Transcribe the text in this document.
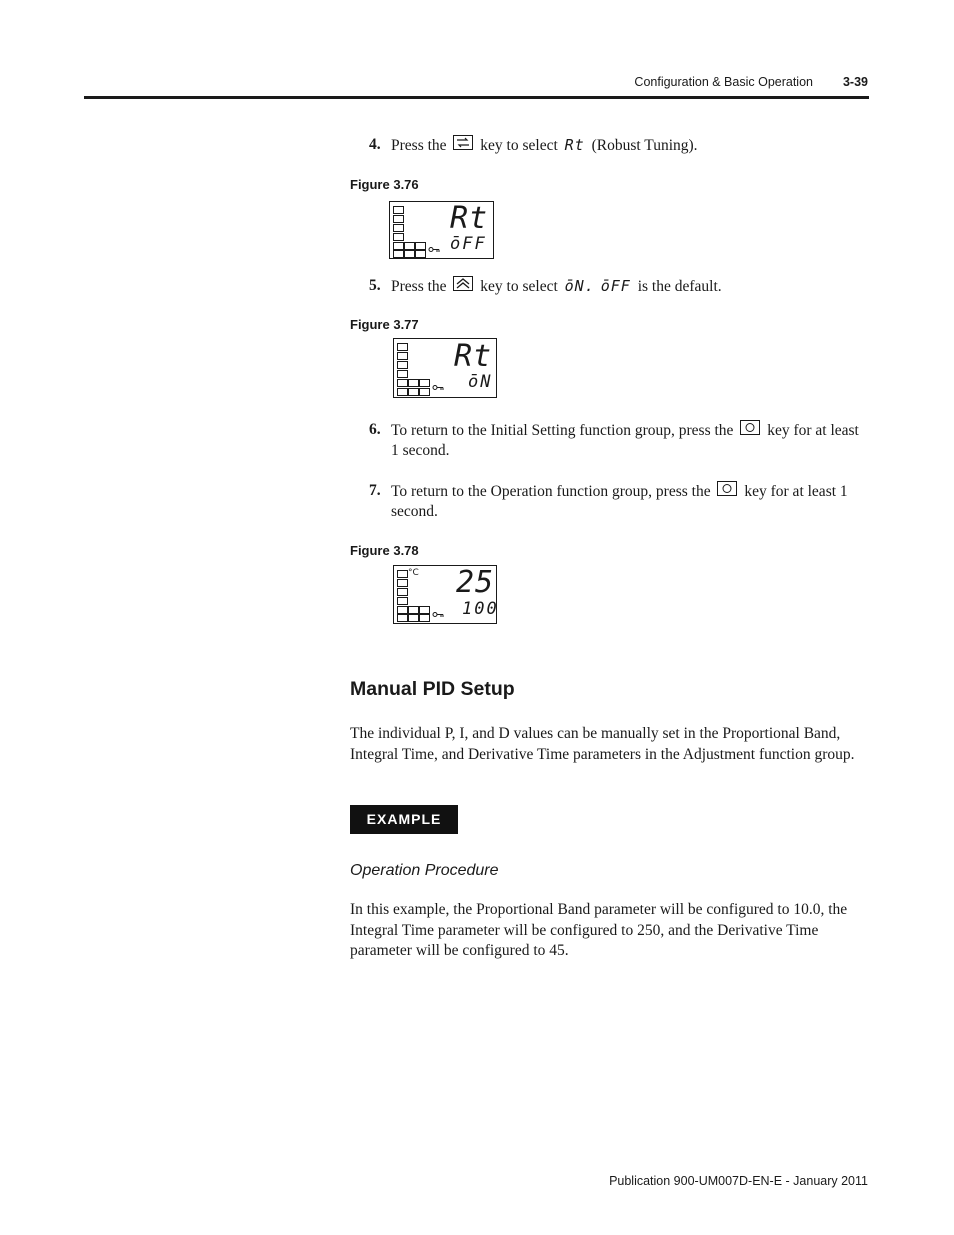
Configuration & Basic Operation	3-39
4. Press the  key to select Rt (Robust Tuning).
Figure 3.76
Rt
ōFF
5. Press the  key to select ōN. ōFF is the default.
Figure 3.77
Rt
ōN
6. To return to the Initial Setting function group, press the  key for at least 1 second.
7. To return to the Operation function group, press the  key for at least 1 second.
Figure 3.78
°C 25
100
Manual PID Setup
The individual P, I, and D values can be manually set in the Proportional Band, Integral Time, and Derivative Time parameters in the Adjustment function group.
EXAMPLE
Operation Procedure
In this example, the Proportional Band parameter will be configured to 10.0, the Integral Time parameter will be configured to 250, and the Derivative Time parameter will be configured to 45.
Publication 900-UM007D-EN-E - January 2011
